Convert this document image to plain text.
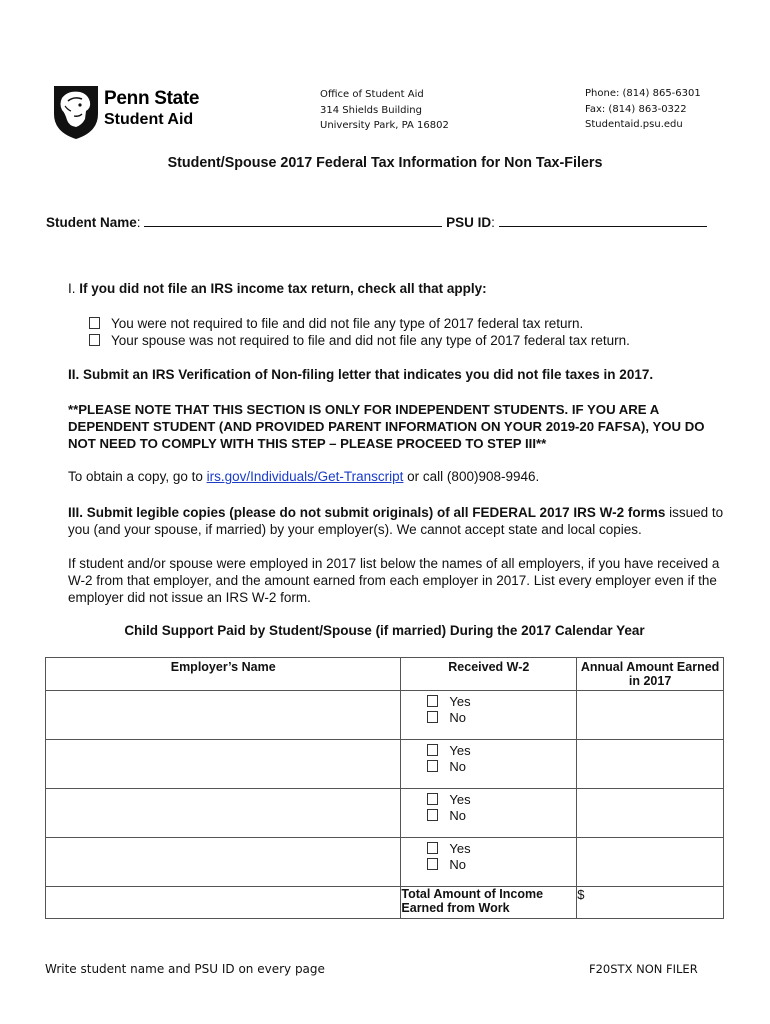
Penn State
Student Aid
Office of Student Aid
314 Shields Building
University Park, PA 16802
Phone: (814) 865-6301
Fax: (814) 863-0322
Studentaid.psu.edu
Student/Spouse 2017 Federal Tax Information for Non Tax-Filers
Student Name:	PSU ID:
I. If you did not file an IRS income tax return, check all that apply:
You were not required to file and did not file any type of 2017 federal tax return.
Your spouse was not required to file and did not file any type of 2017 federal tax return.
II. Submit an IRS Verification of Non-filing letter that indicates you did not file taxes in 2017.
**PLEASE NOTE THAT THIS SECTION IS ONLY FOR INDEPENDENT STUDENTS. IF YOU ARE A DEPENDENT STUDENT (AND PROVIDED PARENT INFORMATION ON YOUR 2019-20 FAFSA), YOU DO NOT NEED TO COMPLY WITH THIS STEP – PLEASE PROCEED TO STEP III**
To obtain a copy, go to irs.gov/Individuals/Get-Transcript or call (800)908-9946.
III. Submit legible copies (please do not submit originals) of all FEDERAL 2017 IRS W-2 forms issued to you (and your spouse, if married) by your employer(s). We cannot accept state and local copies.
If student and/or spouse were employed in 2017 list below the names of all employers, if you have received a W-2 from that employer, and the amount earned from each employer in 2017. List every employer even if the employer did not issue an IRS W-2 form.
Child Support Paid by Student/Spouse (if married) During the 2017 Calendar Year
Employer’s Name	Received W-2	Annual Amount Earned in 2017

	Yes
No	

	Yes
No	

	Yes
No	

	Yes
No	

	Total Amount of Income Earned from Work	$
Write student name and PSU ID on every page	F20STX NON FILER
